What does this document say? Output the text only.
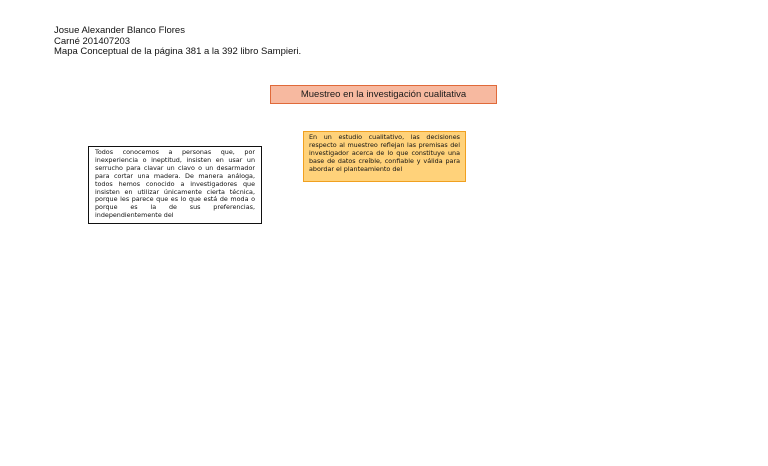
Josue Alexander Blanco Flores
Carné 201407203
Mapa Conceptual de la página 381 a la 392 libro Sampieri.
Muestreo en la investigación cualitativa
En un estudio cualitativo, las decisiones respecto al muestreo reflejan las premisas del investigador acerca de lo que constituye una base de datos creíble, confiable y válida para abordar el planteamiento del
Todos conocemos a personas que, por inexperiencia o ineptitud, insisten en usar un serrucho para clavar un clavo o un desarmador para cortar una madera. De manera análoga, todos hemos conocido a investigadores que insisten en utilizar únicamente cierta técnica, porque les parece que es lo que está de moda o porque es la de sus preferencias, independientemente del
